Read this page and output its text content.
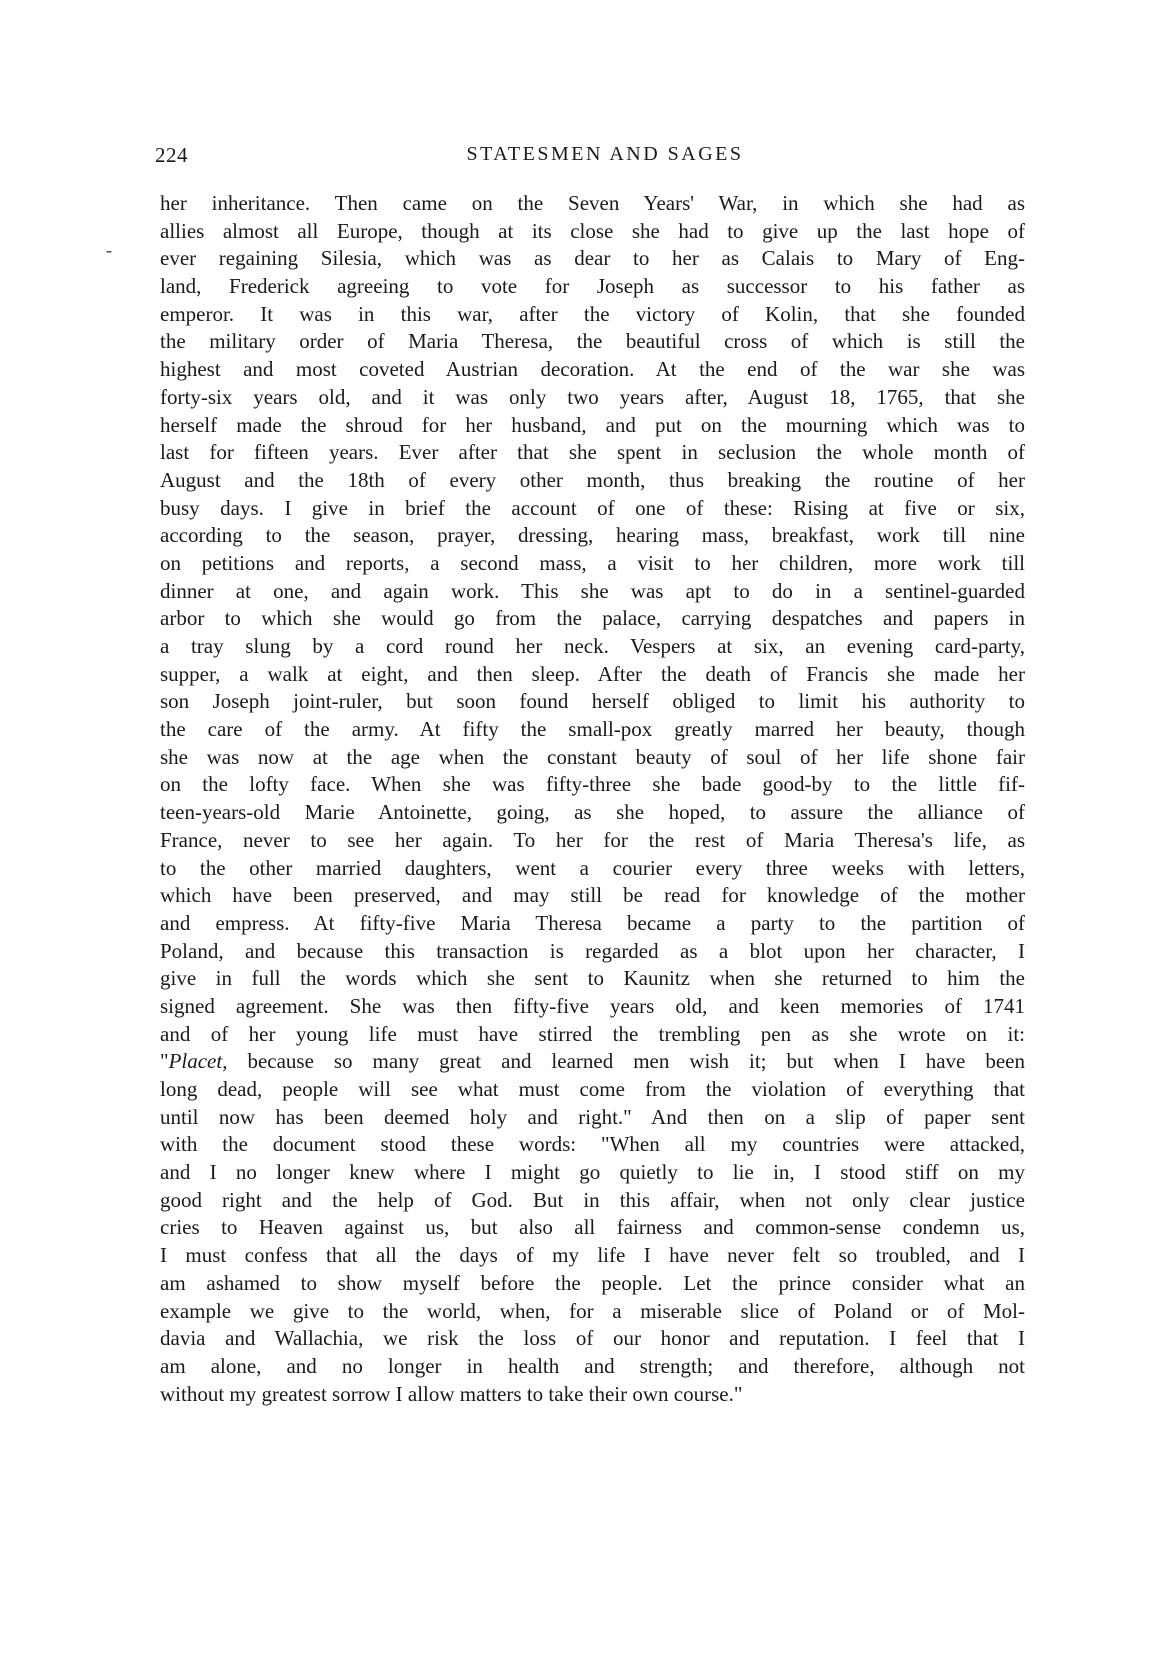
224	STATESMEN AND SAGES
-
her inheritance. Then came on the Seven Years' War, in which she had as
allies almost all Europe, though at its close she had to give up the last hope of
ever regaining Silesia, which was as dear to her as Calais to Mary of Eng-
land, Frederick agreeing to vote for Joseph as successor to his father as
emperor. It was in this war, after the victory of Kolin, that she founded
the military order of Maria Theresa, the beautiful cross of which is still the
highest and most coveted Austrian decoration. At the end of the war she was
forty-six years old, and it was only two years after, August 18, 1765, that she
herself made the shroud for her husband, and put on the mourning which was to
last for fifteen years. Ever after that she spent in seclusion the whole month of
August and the 18th of every other month, thus breaking the routine of her
busy days. I give in brief the account of one of these: Rising at five or six,
according to the season, prayer, dressing, hearing mass, breakfast, work till nine
on petitions and reports, a second mass, a visit to her children, more work till
dinner at one, and again work. This she was apt to do in a sentinel-guarded
arbor to which she would go from the palace, carrying despatches and papers in
a tray slung by a cord round her neck. Vespers at six, an evening card-party,
supper, a walk at eight, and then sleep. After the death of Francis she made her
son Joseph joint-ruler, but soon found herself obliged to limit his authority to
the care of the army. At fifty the small-pox greatly marred her beauty, though
she was now at the age when the constant beauty of soul of her life shone fair
on the lofty face. When she was fifty-three she bade good-by to the little fif-
teen-years-old Marie Antoinette, going, as she hoped, to assure the alliance of
France, never to see her again. To her for the rest of Maria Theresa's life, as
to the other married daughters, went a courier every three weeks with letters,
which have been preserved, and may still be read for knowledge of the mother
and empress. At fifty-five Maria Theresa became a party to the partition of
Poland, and because this transaction is regarded as a blot upon her character, I
give in full the words which she sent to Kaunitz when she returned to him the
signed agreement. She was then fifty-five years old, and keen memories of 1741
and of her young life must have stirred the trembling pen as she wrote on it:
"Placet, because so many great and learned men wish it; but when I have been
long dead, people will see what must come from the violation of everything that
until now has been deemed holy and right." And then on a slip of paper sent
with the document stood these words: "When all my countries were attacked,
and I no longer knew where I might go quietly to lie in, I stood stiff on my
good right and the help of God. But in this affair, when not only clear justice
cries to Heaven against us, but also all fairness and common-sense condemn us,
I must confess that all the days of my life I have never felt so troubled, and I
am ashamed to show myself before the people. Let the prince consider what an
example we give to the world, when, for a miserable slice of Poland or of Mol-
davia and Wallachia, we risk the loss of our honor and reputation. I feel that I
am alone, and no longer in health and strength; and therefore, although not
without my greatest sorrow I allow matters to take their own course."
